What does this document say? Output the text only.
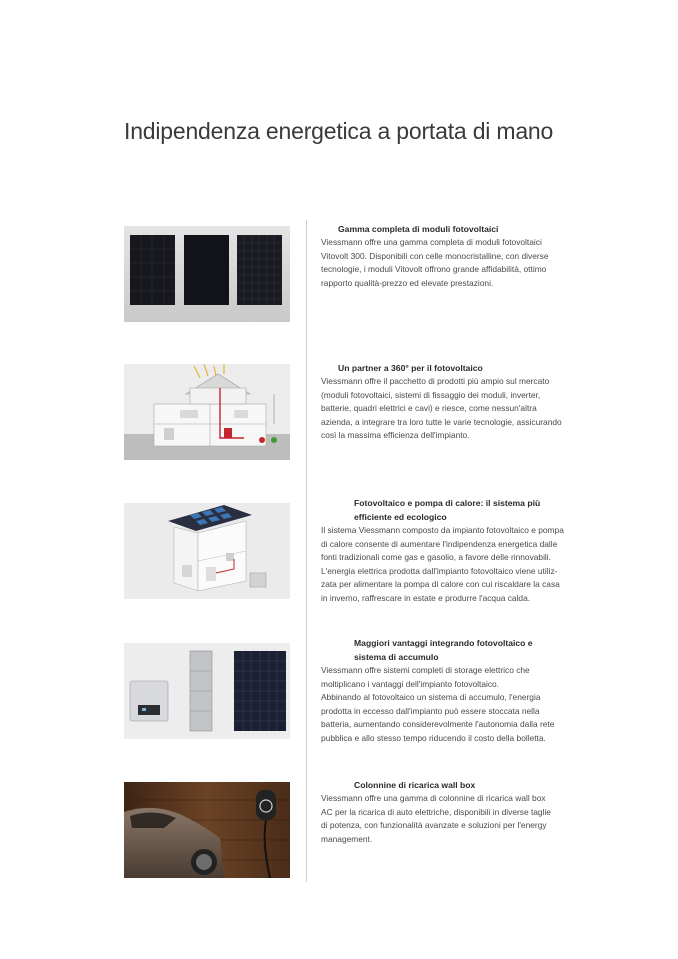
Indipendenza energetica a portata di mano

Gamma completa di moduli fotovoltaici

Viessmann offre una gamma completa di moduli fotovoltaici
Vitovolt 300. Disponibili con celle monocristalline, con diverse
tecnologie, i moduli Vitovolt offrono grande affidabilità, ottimo
rapporto qualità-prezzo ed elevate prestazioni.

Un partner a 360° per il fotovoltaico

Viessmann offre il pacchetto di prodotti più ampio sul mercato
(moduli fotovoltaici, sistemi di fissaggio dei moduli, inverter,
batterie, quadri elettrici e cavi) e riesce, come nessun'altra
azienda, a integrare tra loro tutte le varie tecnologie, assicurando
così la massima efficienza dell'impianto.

Fotovoltaico e pompa di calore: il sistema più
efficiente ed ecologico

Il sistema Viessmann composto da impianto fotovoltaico e pompa
di calore consente di aumentare l'indipendenza energetica dalle
fonti tradizionali come gas e gasolio, a favore delle rinnovabili.
L'energia elettrica prodotta dall'impianto fotovoltaico viene utiliz-
zata per alimentare la pompa di calore con cui riscaldare la casa
in inverno, raffrescare in estate e produrre l'acqua calda.

Maggiori vantaggi integrando fotovoltaico e
sistema di accumulo

Viessmann offre sistemi completi di storage elettrico che
moltiplicano i vantaggi dell'impianto fotovoltaico.
Abbinando al fotovoltaico un sistema di accumulo, l'energia
prodotta in eccesso dall'impianto può essere stoccata nella
batteria, aumentando considerevolmente l'autonomia dalla rete
pubblica e allo stesso tempo riducendo il costo della bolletta.

Colonnine di ricarica wall box

Viessmann offre una gamma di colonnine di ricarica wall box
AC per la ricarica di auto elettriche, disponibili in diverse taglie
di potenza, con funzionalità avanzate e soluzioni per l'energy
management.
